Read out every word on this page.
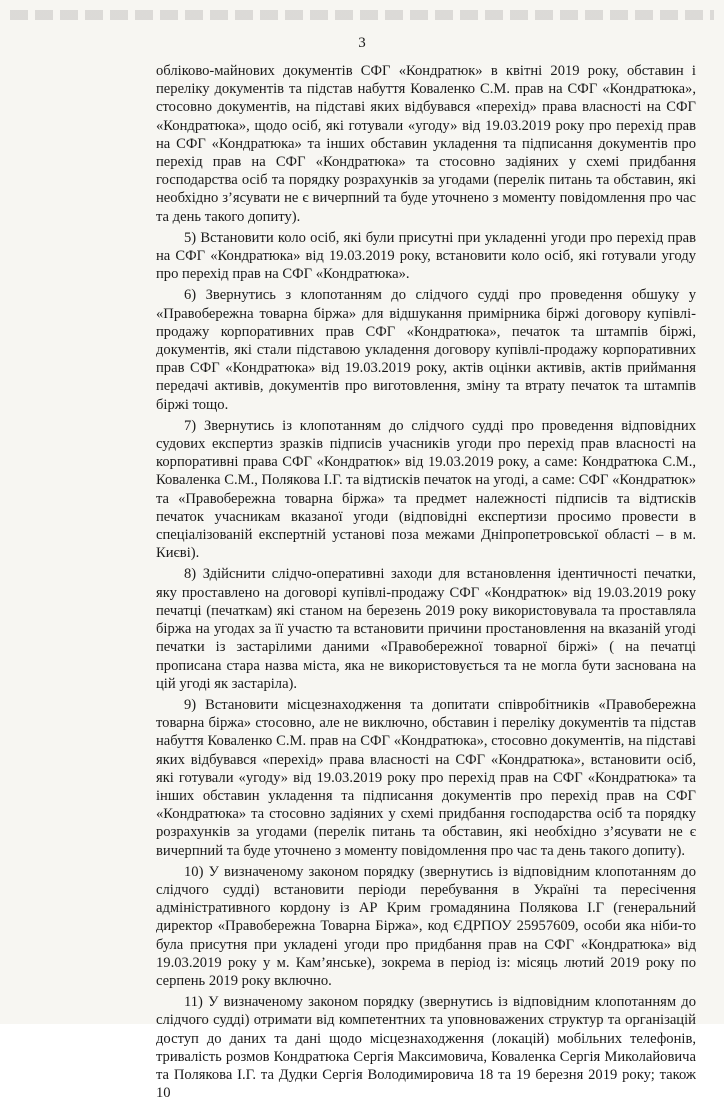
3

обліково-майнових документів СФГ «Кондратюк» в квітні 2019 року, обставин і переліку документів та підстав набуття Коваленко С.М. прав на СФГ «Кондратюка», стосовно документів, на підставі яких відбувався «перехід» права власності на СФГ «Кондратюка», щодо осіб, які готували «угоду» від 19.03.2019 року про перехід прав на СФГ «Кондратюка» та інших обставин укладення та підписання документів про перехід прав на СФГ «Кондратюка» та стосовно задіяних у схемі придбання господарства осіб та порядку розрахунків за угодами (перелік питань та обставин, які необхідно з’ясувати не є вичерпний та буде уточнено з моменту повідомлення про час та день такого допиту).

5) Встановити коло осіб, які були присутні при укладенні угоди про перехід прав на СФГ «Кондратюка» від 19.03.2019 року, встановити коло осіб, які готували угоду про перехід прав на СФГ «Кондратюка».

6) Звернутись з клопотанням до слідчого судді про проведення обшуку у «Правобережна товарна біржа» для відшукання примірника біржі договору купівлі-продажу корпоративних прав СФГ «Кондратюка», печаток та штампів біржі, документів, які стали підставою укладення договору купівлі-продажу корпоративних прав СФГ «Кондратюка» від 19.03.2019 року, актів оцінки активів, актів приймання передачі активів, документів про виготовлення, зміну та втрату печаток та штампів біржі тощо.

7) Звернутись із клопотанням до слідчого судді про проведення відповідних судових експертиз зразків підписів учасників угоди про перехід прав власності на корпоративні права СФГ «Кондратюк» від 19.03.2019 року, а саме: Кондратюка С.М., Коваленка С.М., Полякова І.Г. та відтисків печаток на угоді, а саме: СФГ «Кондратюк» та «Правобережна товарна біржа» та предмет належності підписів та відтисків печаток учасникам вказаної угоди (відповідні експертизи просимо провести в спеціалізованій експертній установі поза межами Дніпропетровської області – в м. Києві).

8) Здійснити слідчо-оперативні заходи для встановлення ідентичності печатки, яку проставлено на договорі купівлі-продажу СФГ «Кондратюк» від 19.03.2019 року печатці (печаткам) які станом на березень 2019 року використовувала та проставляла біржа на угодах за її участю та встановити причини простановлення на вказаній угоді печатки із застарілими даними «Правобережної товарної біржі» ( на печатці прописана стара назва міста, яка не використовується та не могла бути заснована на цій угоді як застаріла).

9) Встановити місцезнаходження та допитати співробітників «Правобережна товарна біржа» стосовно, але не виключно, обставин і переліку документів та підстав набуття Коваленко С.М. прав на СФГ «Кондратюка», стосовно документів, на підставі яких відбувався «перехід» права власності на СФГ «Кондратюка», встановити осіб, які готували «угоду» від 19.03.2019 року про перехід прав на СФГ «Кондратюка» та інших обставин укладення та підписання документів про перехід прав на СФГ «Кондратюка» та стосовно задіяних у схемі придбання господарства осіб та порядку розрахунків за угодами (перелік питань та обставин, які необхідно з’ясувати не є вичерпний та буде уточнено з моменту повідомлення про час та день такого допиту).

10) У визначеному законом порядку (звернутись із відповідним клопотанням до слідчого судді) встановити періоди перебування в Україні та пересічення адміністративного кордону із АР Крим громадянина Полякова І.Г (генеральний директор «Правобережна Товарна Біржа», код ЄДРПОУ 25957609, особи яка ніби-то була присутня при укладені угоди про придбання прав на СФГ «Кондратюка» від 19.03.2019 року у м. Кам’янське), зокрема в період із: місяць лютий 2019 року по серпень 2019 року включно.

11) У визначеному законом порядку (звернутись із відповідним клопотанням до слідчого судді) отримати від компетентних та уповноважених структур та організацій доступ до даних та дані щодо місцезнаходження (локацій) мобільних телефонів, тривалість розмов Кондратюка Сергія Максимовича, Коваленка Сергія Миколайовича та Полякова І.Г. та Дудки Сергія Володимировича 18 та 19 березня 2019 року; також 10
